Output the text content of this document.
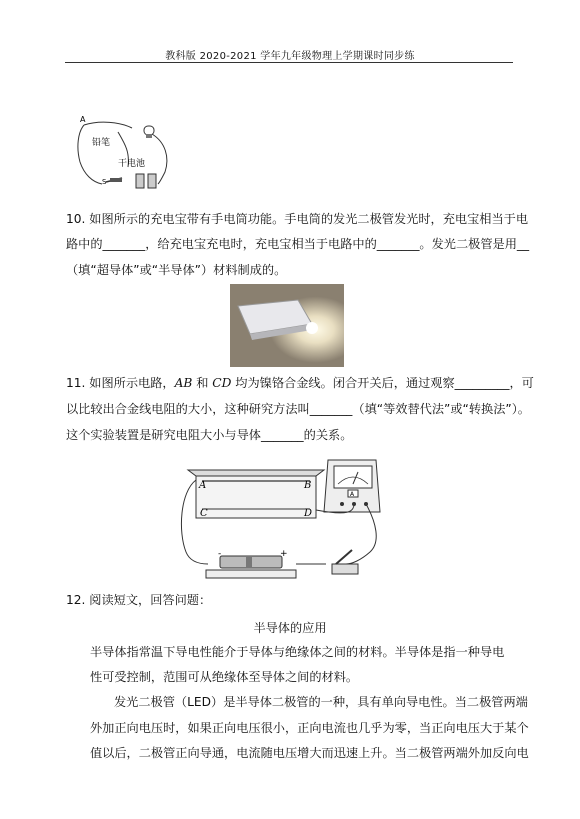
教科版 2020-2021 学年九年级物理上学期课时同步练
A
铅笔
干电池
S
10. 如图所示的充电宝带有手电筒功能。手电筒的发光二极管发光时，充电宝相当于电
路中的_______，给充电宝充电时，充电宝相当于电路中的_______。发光二极管是用__
（填“超导体”或“半导体”）材料制成的。
11. 如图所示电路，AB 和 CD 均为镍铬合金线。闭合开关后，通过观察_________，可
以比较出合金线电阻的大小，这种研究方法叫_______（填“等效替代法”或“转换法”）。
这个实验装置是研究电阻大小与导体_______的关系。
A	B
C	D
-	+
A
12. 阅读短文，回答问题：
半导体的应用
半导体指常温下导电性能介于导体与绝缘体之间的材料。半导体是指一种导电
性可受控制，范围可从绝缘体至导体之间的材料。
发光二极管（LED）是半导体二极管的一种，具有单向导电性。当二极管两端
外加正向电压时，如果正向电压很小，正向电流也几乎为零，当正向电压大于某个
值以后，二极管正向导通，电流随电压增大而迅速上升。当二极管两端外加反向电
